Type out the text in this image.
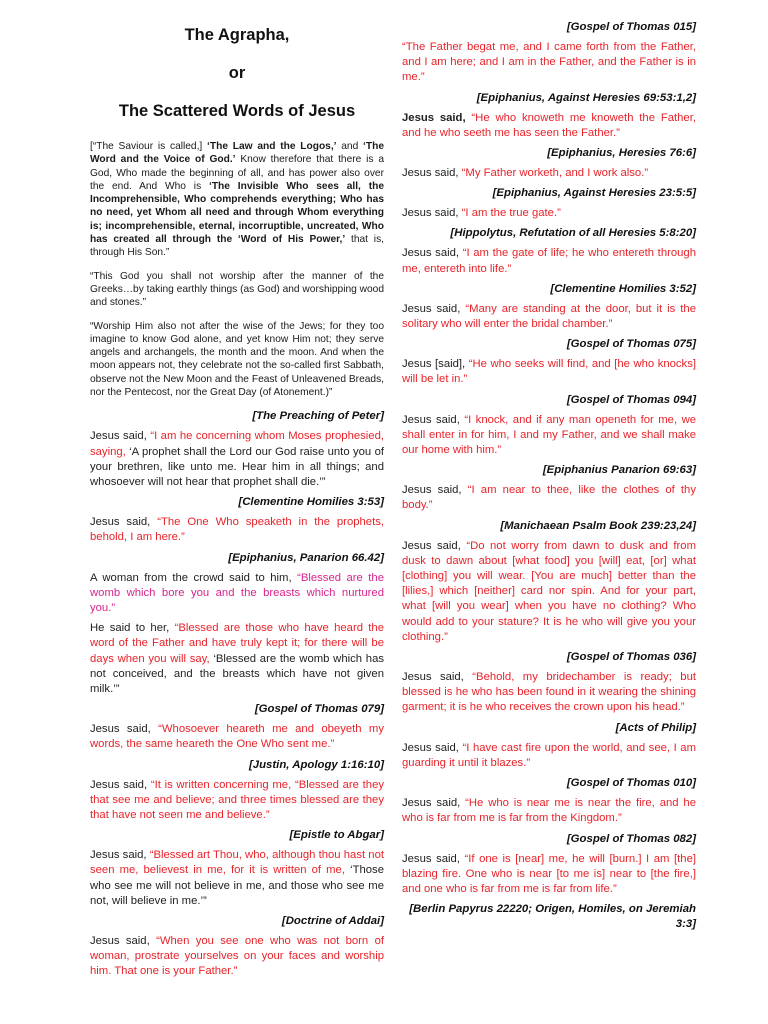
The Agrapha,
or
The Scattered Words of Jesus

[“The Saviour is called,] ‘The Law and the Logos,’ and ‘The Word and the Voice of God.’ Know therefore that there is a God, Who made the beginning of all, and has power also over the end. And Who is ‘The Invisible Who sees all, the Incomprehensible, Who comprehends everything; Who has no need, yet Whom all need and through Whom everything is; incomprehensible, eternal, incorruptible, uncreated, Who has created all through the ‘Word of His Power,’ that is, through His Son.”

“This God you shall not worship after the manner of the Greeks…by taking earthly things (as God) and worshipping wood and stones.”

“Worship Him also not after the wise of the Jews; for they too imagine to know God alone, and yet know Him not; they serve angels and archangels, the month and the moon. And when the moon appears not, they celebrate not the so-called first Sabbath, observe not the New Moon and the Feast of Unleavened Breads, nor the Pentecost, nor the Great Day (of Atonement.)”

[The Preaching of Peter]

Jesus said, “I am he concerning whom Moses prophesied, saying, ‘A prophet shall the Lord our God raise unto you of your brethren, like unto me. Hear him in all things; and whosoever will not hear that prophet shall die.’”

[Clementine Homilies 3:53]

Jesus said, “The One Who speaketh in the prophets, behold, I am here.”

[Epiphanius, Panarion 66.42]

A woman from the crowd said to him, “Blessed are the womb which bore you and the breasts which nurtured you.”

He said to her, “Blessed are those who have heard the word of the Father and have truly kept it; for there will be days when you will say, ‘Blessed are the womb which has not conceived, and the breasts which have not given milk.’”

[Gospel of Thomas 079]

Jesus said, “Whosoever heareth me and obeyeth my words, the same heareth the One Who sent me.”

[Justin, Apology 1:16:10]

Jesus said, “It is written concerning me, “Blessed are they that see me and believe; and three times blessed are they that have not seen me and believe.”

[Epistle to Abgar]

Jesus said, “Blessed art Thou, who, although thou hast not seen me, believest in me, for it is written of me, ‘Those who see me will not believe in me, and those who see me not, will believe in me.’”

[Doctrine of Addai]

Jesus said, “When you see one who was not born of woman, prostrate yourselves on your faces and worship him. That one is your Father.”

[Gospel of Thomas 015]

“The Father begat me, and I came forth from the Father, and I am here; and I am in the Father, and the Father is in me.”

[Epiphanius, Against Heresies 69:53:1,2]

Jesus said, “He who knoweth me knoweth the Father, and he who seeth me has seen the Father.”

[Epiphanius, Heresies 76:6]

Jesus said, “My Father worketh, and I work also.”

[Epiphanius, Against Heresies 23:5:5]

Jesus said, “I am the true gate.”

[Hippolytus, Refutation of all Heresies 5:8:20]

Jesus said, “I am the gate of life; he who entereth through me, entereth into life.”

[Clementine Homilies 3:52]

Jesus said, “Many are standing at the door, but it is the solitary who will enter the bridal chamber.”

[Gospel of Thomas 075]

Jesus [said], “He who seeks will find, and [he who knocks] will be let in.”

[Gospel of Thomas 094]

Jesus said, “I knock, and if any man openeth for me, we shall enter in for him, I and my Father, and we shall make our home with him.”

[Epiphanius Panarion 69:63]

Jesus said, “I am near to thee, like the clothes of thy body.”

[Manichaean Psalm Book 239:23,24]

Jesus said, “Do not worry from dawn to dusk and from dusk to dawn about [what food] you [will] eat, [or] what [clothing] you will wear. [You are much] better than the [lilies,] which [neither] card nor spin. And for your part, what [will you wear] when you have no clothing? Who would add to your stature? It is he who will give you your clothing.”

[Gospel of Thomas 036]

Jesus said, “Behold, my bridechamber is ready; but blessed is he who has been found in it wearing the shining garment; it is he who receives the crown upon his head.”

[Acts of Philip]

Jesus said, “I have cast fire upon the world, and see, I am guarding it until it blazes.”

[Gospel of Thomas 010]

Jesus said, “He who is near me is near the fire, and he who is far from me is far from the Kingdom.”

[Gospel of Thomas 082]

Jesus said, “If one is [near] me, he will [burn.] I am [the] blazing fire. One who is near [to me is] near to [the fire,] and one who is far from me is far from life.”

[Berlin Papyrus 22220; Origen, Homiles, on Jeremiah 3:3]
